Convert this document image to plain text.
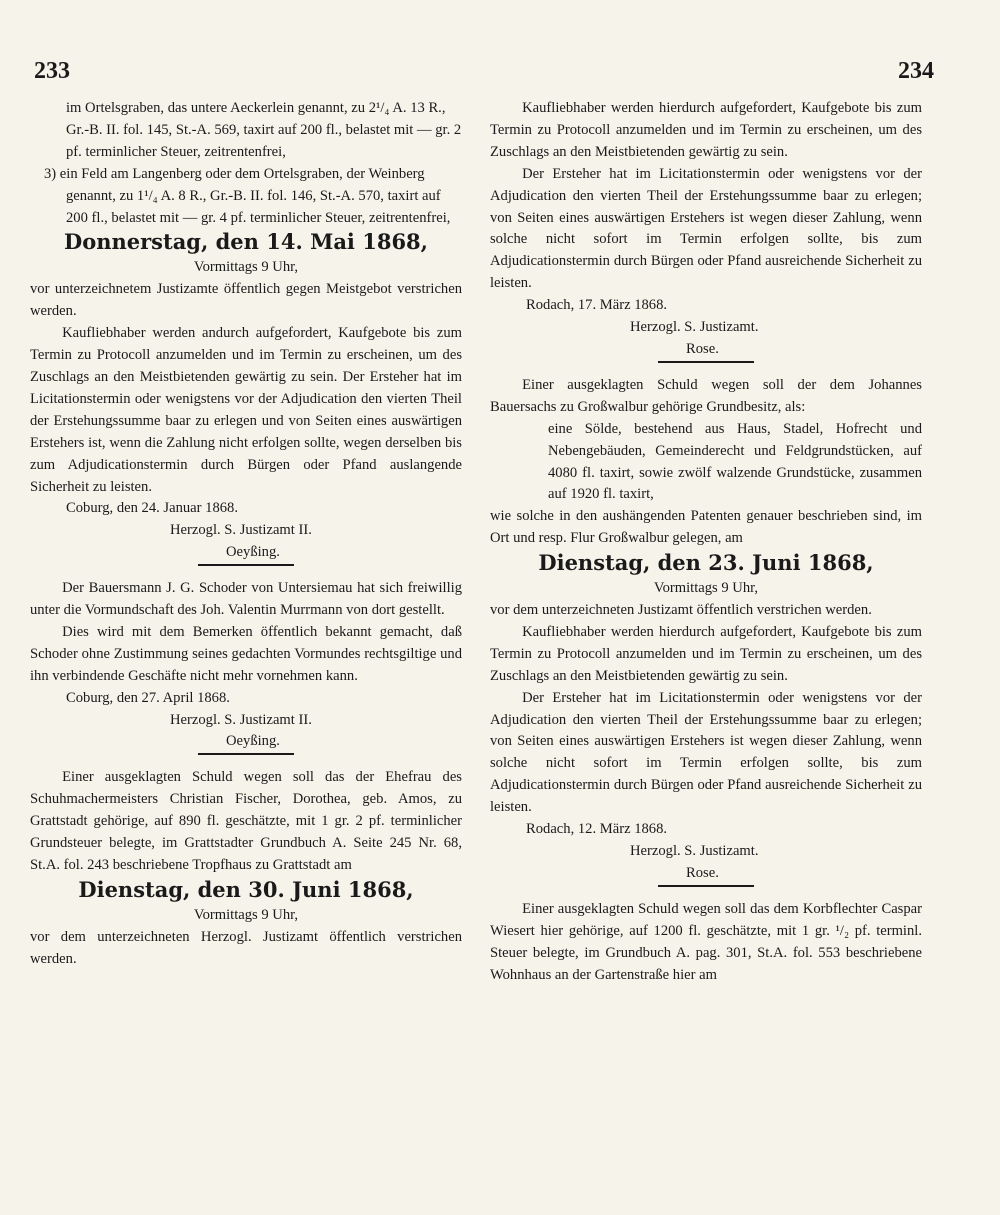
233	234

im Ortelsgraben, das untere Aeckerlein genannt, zu 2¹/₄ A. 13 R., Gr.-B. II. fol. 145, St.-A. 569, taxirt auf 200 fl., belastet mit — gr. 2 pf. terminlicher Steuer, zeitrentenfrei,

3) ein Feld am Langenberg oder dem Ortelsgraben, der Weinberg genannt, zu 1¹/₄ A. 8 R., Gr.-B. II. fol. 146, St.-A. 570, taxirt auf 200 fl., belastet mit — gr. 4 pf. terminlicher Steuer, zeitrentenfrei,

Donnerstag, den 14. Mai 1868,

Vormittags 9 Uhr,

vor unterzeichnetem Justizamte öffentlich gegen Meistgebot verstrichen werden.

Kaufliebhaber werden andurch aufgefordert, Kaufgebote bis zum Termin zu Protocoll anzumelden und im Termin zu erscheinen, um des Zuschlags an den Meistbietenden gewärtig zu sein. Der Ersteher hat im Licitationstermin oder wenigstens vor der Adjudication den vierten Theil der Erstehungssumme baar zu erlegen und von Seiten eines auswärtigen Erstehers ist, wenn die Zahlung nicht erfolgen sollte, wegen derselben bis zum Adjudicationstermin durch Bürgen oder Pfand auslangende Sicherheit zu leisten.

Coburg, den 24. Januar 1868.

Herzogl. S. Justizamt II.

Oeyßing.

Der Bauersmann J. G. Schoder von Untersiemau hat sich freiwillig unter die Vormundschaft des Joh. Valentin Murrmann von dort gestellt.

Dies wird mit dem Bemerken öffentlich bekannt gemacht, daß Schoder ohne Zustimmung seines gedachten Vormundes rechtsgiltige und ihn verbindende Geschäfte nicht mehr vornehmen kann.

Coburg, den 27. April 1868.

Herzogl. S. Justizamt II.

Oeyßing.

Einer ausgeklagten Schuld wegen soll das der Ehefrau des Schuhmachermeisters Christian Fischer, Dorothea, geb. Amos, zu Grattstadt gehörige, auf 890 fl. geschätzte, mit 1 gr. 2 pf. terminlicher Grundsteuer belegte, im Grattstadter Grundbuch A. Seite 245 Nr. 68, St.A. fol. 243 beschriebene Tropfhaus zu Grattstadt am

Dienstag, den 30. Juni 1868,

Vormittags 9 Uhr,

vor dem unterzeichneten Herzogl. Justizamt öffentlich verstrichen werden.

Kaufliebhaber werden hierdurch aufgefordert, Kaufgebote bis zum Termin zu Protocoll anzumelden und im Termin zu erscheinen, um des Zuschlags an den Meistbietenden gewärtig zu sein.

Der Ersteher hat im Licitationstermin oder wenigstens vor der Adjudication den vierten Theil der Erstehungssumme baar zu erlegen; von Seiten eines auswärtigen Erstehers ist wegen dieser Zahlung, wenn solche nicht sofort im Termin erfolgen sollte, bis zum Adjudicationstermin durch Bürgen oder Pfand ausreichende Sicherheit zu leisten.

Rodach, 17. März 1868.

Herzogl. S. Justizamt.

Rose.

Einer ausgeklagten Schuld wegen soll der dem Johannes Bauersachs zu Großwalbur gehörige Grundbesitz, als:

eine Sölde, bestehend aus Haus, Stadel, Hofrecht und Nebengebäuden, Gemeinderecht und Feldgrundstücken, auf 4080 fl. taxirt, sowie zwölf walzende Grundstücke, zusammen auf 1920 fl. taxirt,

wie solche in den aushängenden Patenten genauer beschrieben sind, im Ort und resp. Flur Großwalbur gelegen, am

Dienstag, den 23. Juni 1868,

Vormittags 9 Uhr,

vor dem unterzeichneten Justizamt öffentlich verstrichen werden.

Kaufliebhaber werden hierdurch aufgefordert, Kaufgebote bis zum Termin zu Protocoll anzumelden und im Termin zu erscheinen, um des Zuschlags an den Meistbietenden gewärtig zu sein.

Der Ersteher hat im Licitationstermin oder wenigstens vor der Adjudication den vierten Theil der Erstehungssumme baar zu erlegen; von Seiten eines auswärtigen Erstehers ist wegen dieser Zahlung, wenn solche nicht sofort im Termin erfolgen sollte, bis zum Adjudicationstermin durch Bürgen oder Pfand ausreichende Sicherheit zu leisten.

Rodach, 12. März 1868.

Herzogl. S. Justizamt.

Rose.

Einer ausgeklagten Schuld wegen soll das dem Korbflechter Caspar Wiesert hier gehörige, auf 1200 fl. geschätzte, mit 1 gr. ¹/₂ pf. terminl. Steuer belegte, im Grundbuch A. pag. 301, St.A. fol. 553 beschriebene Wohnhaus an der Gartenstraße hier am
